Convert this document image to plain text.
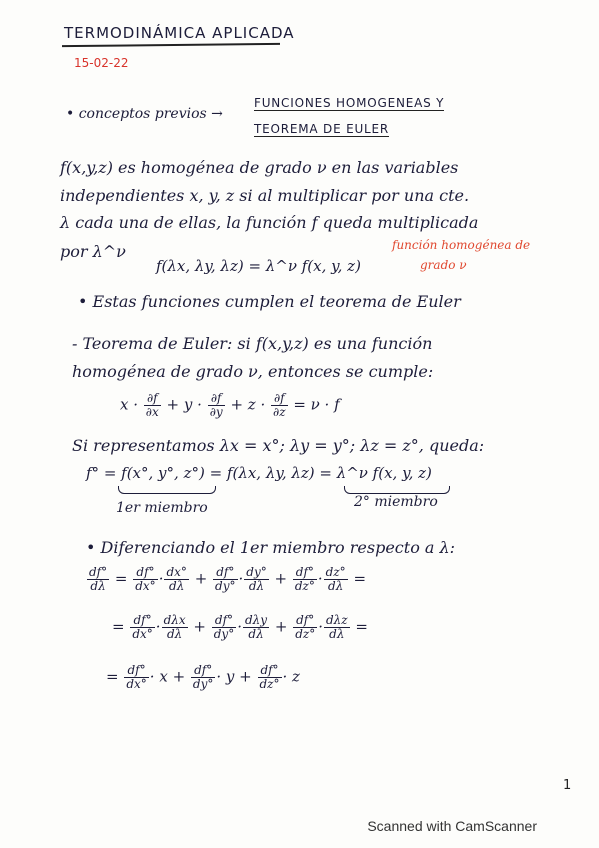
TERMODINÁMICA APLICADA
15-02-22
• conceptos previos →
FUNCIONES HOMOGENEAS Y
TEOREMA DE EULER
f(x,y,z) es homogénea de grado ν en las variables
independientes x, y, z si al multiplicar por una cte.
λ cada una de ellas, la función f queda multiplicada
por λ^ν
f(λx, λy, λz) = λ^ν f(x, y, z)
función homogénea de
grado ν
• Estas funciones cumplen el teorema de Euler
- Teorema de Euler: si f(x,y,z) es una función
homogénea de grado ν, entonces se cumple:
$x \cdot \frac{\partial f}{\partial x} + y \cdot \frac{\partial f}{\partial y} + z \cdot \frac{\partial f}{\partial z} = \nu \cdot f$
Si representamos λx = x°; λy = y°; λz = z°, queda:
f° = f(x°, y°, z°) = f(λx, λy, λz) = λ^ν f(x, y, z)
1er miembro	2° miembro
• Diferenciando el 1er miembro respecto a λ:
$\frac{df^\circ}{d\lambda} = \frac{df^\circ}{dx^\circ} \cdot \frac{dx^\circ}{d\lambda} + \frac{df^\circ}{dy^\circ} \cdot \frac{dy^\circ}{d\lambda} + \frac{df^\circ}{dz^\circ} \cdot \frac{dz^\circ}{d\lambda}$ =
= $\frac{df^\circ}{dx^\circ} \cdot \frac{\text{dλx}}{d\lambda} + \frac{df^\circ}{dy^\circ} \cdot \frac{\text{dλy}}{d\lambda} + \frac{df^\circ}{dz^\circ} \cdot \frac{\text{dλz}}{d\lambda}$ =
= $\frac{df^\circ}{dx^\circ} \cdot x + \frac{df^\circ}{dy^\circ} \cdot y + \frac{df^\circ}{dz^\circ} \cdot z$
1
Scanned with CamScanner
